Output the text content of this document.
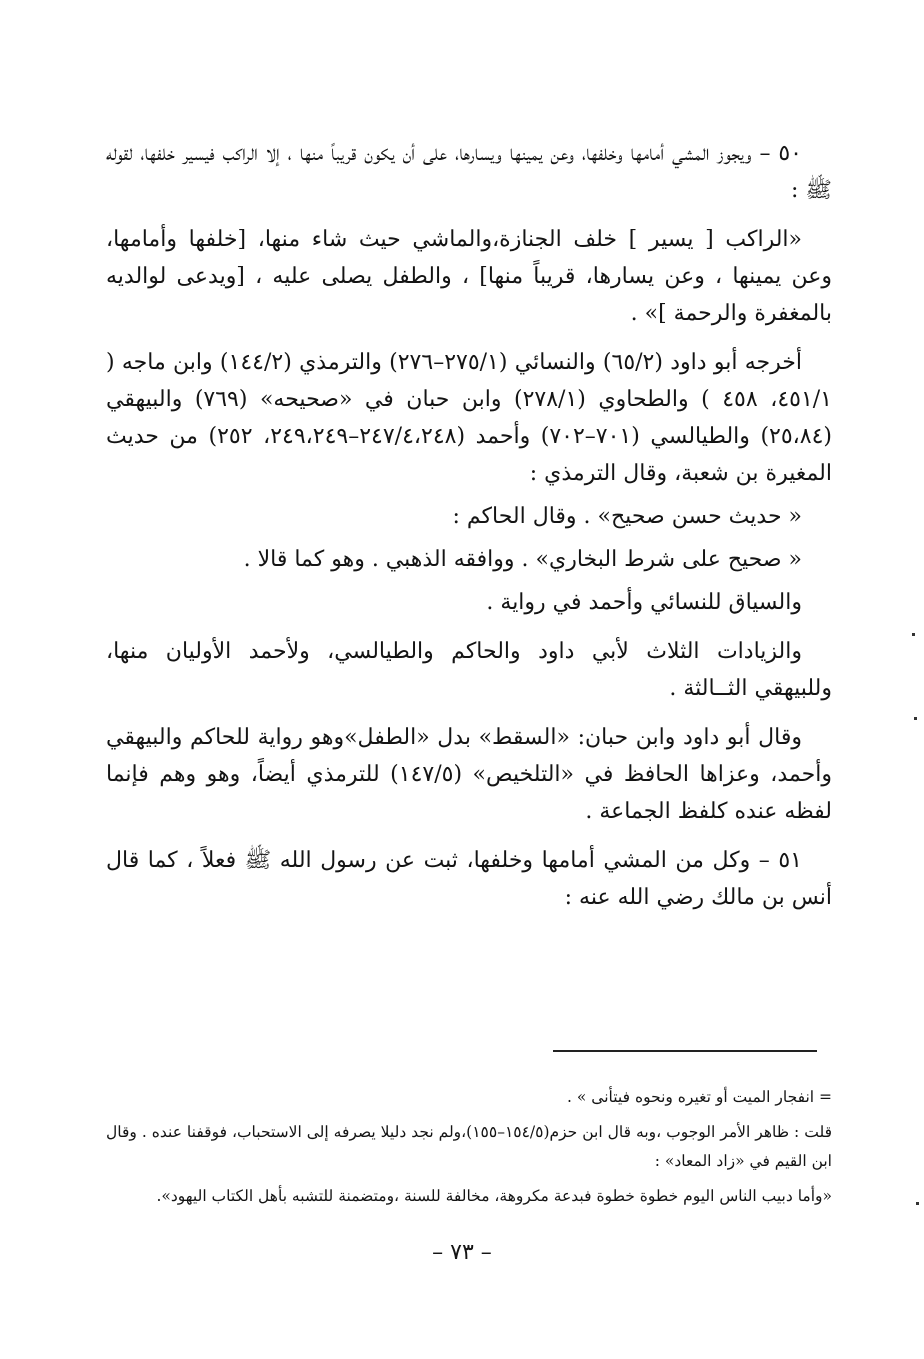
٥٠ – ويجوز المشي أمامها وخلفها، وعن يمينها ويسارها، على أن يكون قريباً منها ، إلا الراكب فيسير خلفها، لقوله ﷺ :

«الراكب [ يسير ] خلف الجنازة،والماشي حيث شاء منها، [خلفها وأمامها، وعن يمينها ، وعن يسارها، قريباً منها] ، والطفل يصلى عليه ، [ويدعى لوالديه بالمغفرة والرحمة ]» .

أخرجه أبو داود (٦٥/٢) والنسائي (٢٧٥/١–٢٧٦) والترمذي (١٤٤/٢) وابن ماجه ( ٤٥١/١، ٤٥٨ ) والطحاوي (٢٧٨/١) وابن حبان في «صحيحه» (٧٦٩) والبيهقي (٢٥،٨٤) والطيالسي (٧٠١–٧٠٢) وأحمد (٢٤٧/٤،٢٤٨–٢٤٩،٢٤٩، ٢٥٢) من حديث المغيرة بن شعبة، وقال الترمذي :

« حديث حسن صحيح» . وقال الحاكم :

« صحيح على شرط البخاري» . ووافقه الذهبي . وهو كما قالا .

والسياق للنسائي وأحمد في رواية .

والزيادات الثلاث لأبي داود والحاكم والطيالسي، ولأحمد الأوليان منها، وللبيهقي الثــالثة .

وقال أبو داود وابن حبان: «السقط» بدل «الطفل»وهو رواية للحاكم والبيهقي وأحمد، وعزاها الحافظ في «التلخيص» (١٤٧/٥) للترمذي أيضاً، وهو وهم فإنما لفظه عنده كلفظ الجماعة .

٥١ – وكل من المشي أمامها وخلفها، ثبت عن رسول الله ﷺ فعلاً ، كما قال أنس بن مالك رضي الله عنه :

= انفجار الميت أو تغيره ونحوه فيتأنى » .

قلت : ظاهر الأمر الوجوب ،وبه قال ابن حزم(١٥٤/٥–١٥٥)،ولم نجد دليلا يصرفه إلى الاستحباب، فوقفنا عنده . وقال ابن القيم في «زاد المعاد» :

«وأما دبيب الناس اليوم خطوة خطوة فبدعة مكروهة، مخالفة للسنة ،ومتضمنة للتشبه بأهل الكتاب اليهود».

– ٧٣ –
